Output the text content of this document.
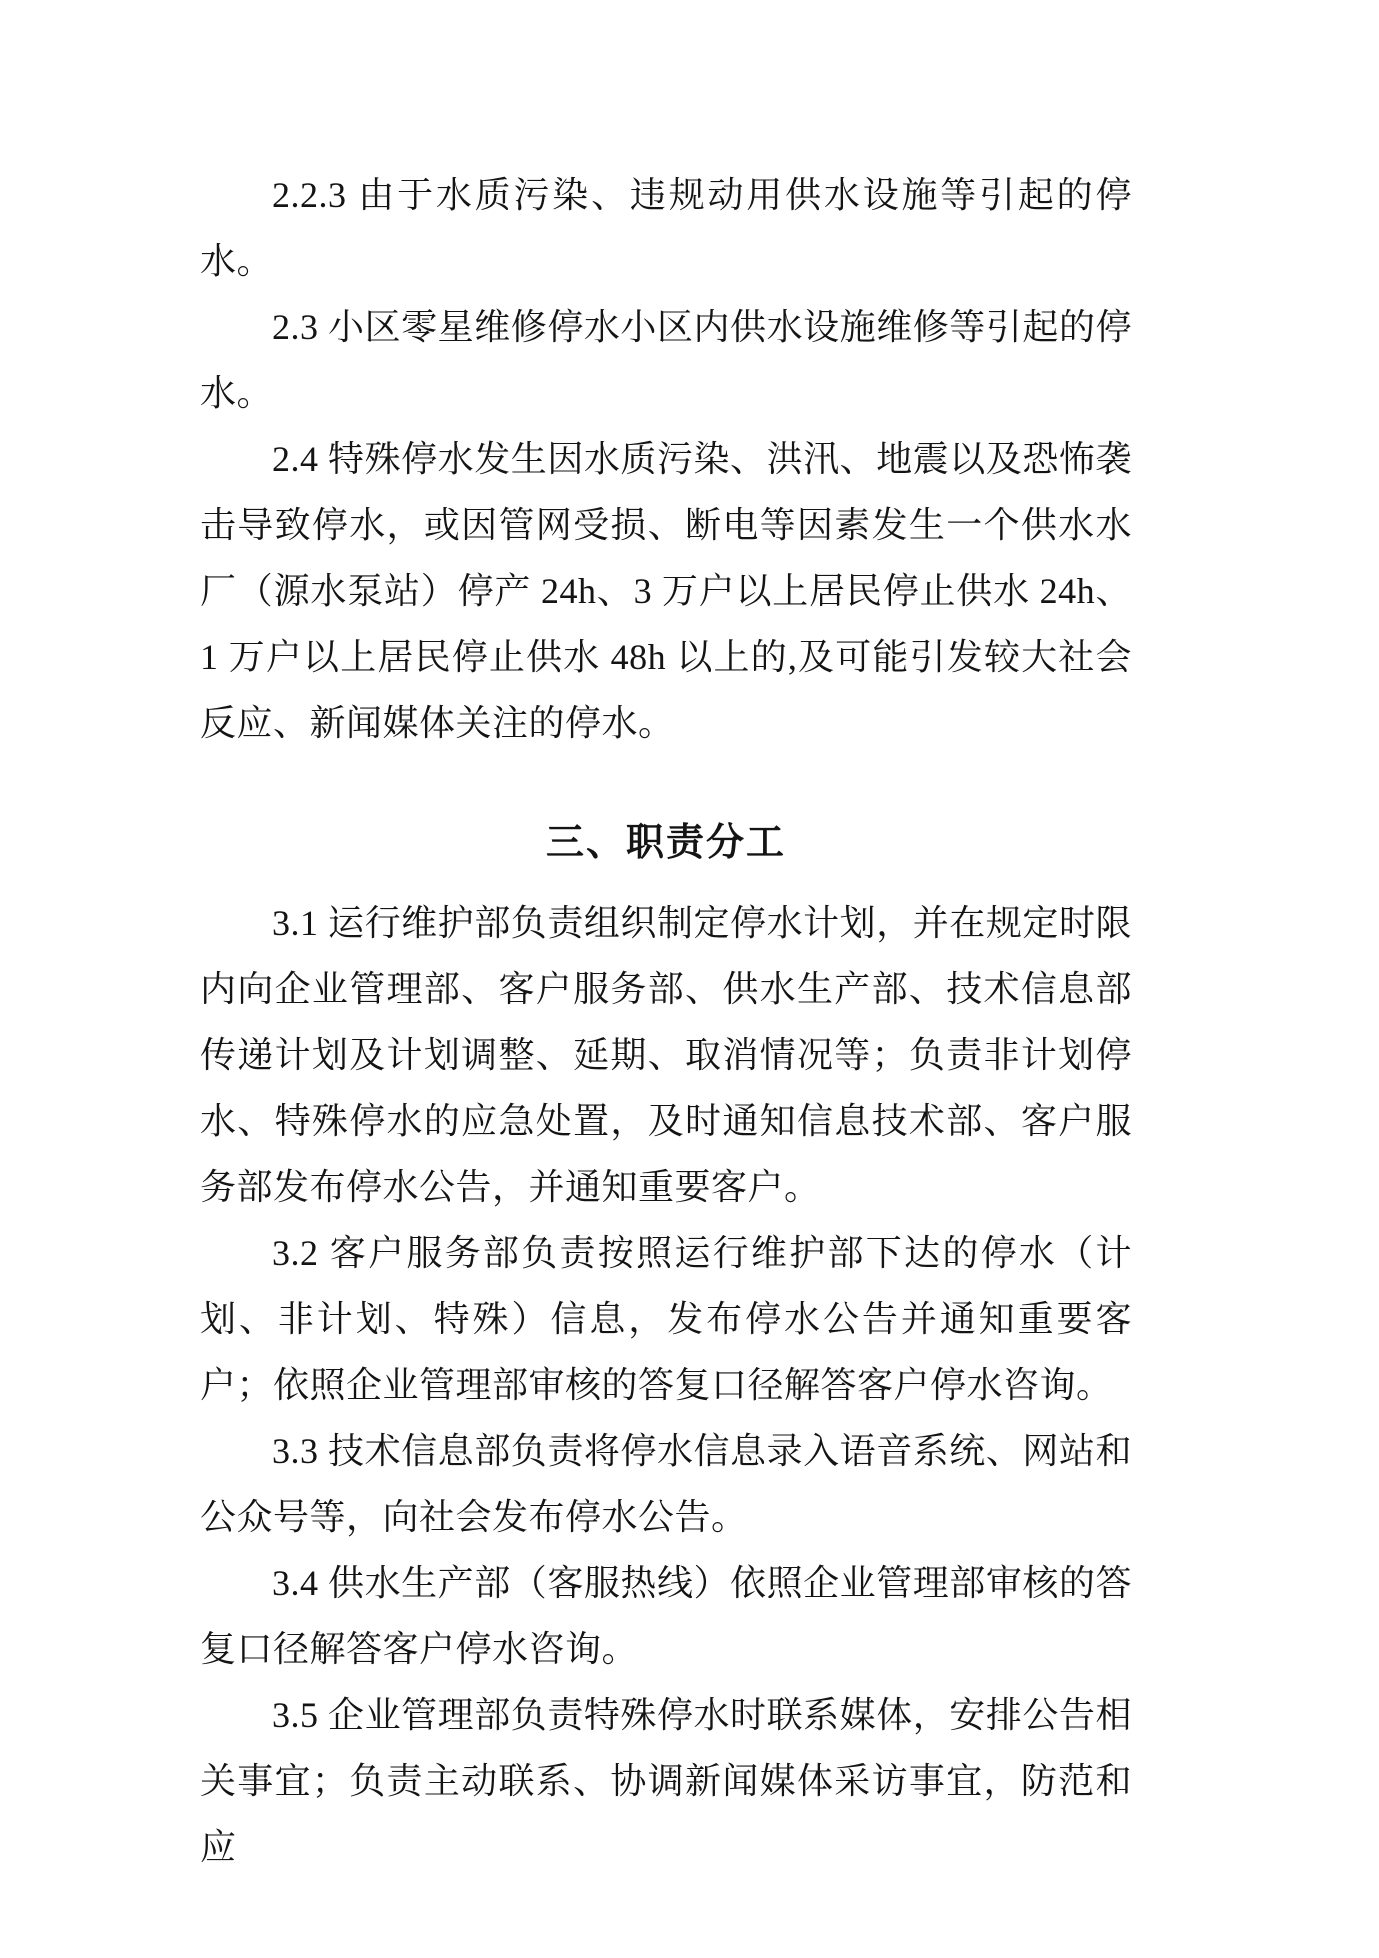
2.2.3 由于水质污染、违规动用供水设施等引起的停水。

2.3 小区零星维修停水小区内供水设施维修等引起的停水。

2.4 特殊停水发生因水质污染、洪汛、地震以及恐怖袭击导致停水，或因管网受损、断电等因素发生一个供水水厂（源水泵站）停产 24h、3 万户以上居民停止供水 24h、1 万户以上居民停止供水 48h 以上的,及可能引发较大社会反应、新闻媒体关注的停水。

三、职责分工

3.1 运行维护部负责组织制定停水计划，并在规定时限内向企业管理部、客户服务部、供水生产部、技术信息部传递计划及计划调整、延期、取消情况等；负责非计划停水、特殊停水的应急处置，及时通知信息技术部、客户服务部发布停水公告，并通知重要客户。

3.2 客户服务部负责按照运行维护部下达的停水（计划、非计划、特殊）信息，发布停水公告并通知重要客户；依照企业管理部审核的答复口径解答客户停水咨询。

3.3 技术信息部负责将停水信息录入语音系统、网站和公众号等，向社会发布停水公告。

3.4 供水生产部（客服热线）依照企业管理部审核的答复口径解答客户停水咨询。

3.5 企业管理部负责特殊停水时联系媒体，安排公告相关事宜；负责主动联系、协调新闻媒体采访事宜，防范和应
